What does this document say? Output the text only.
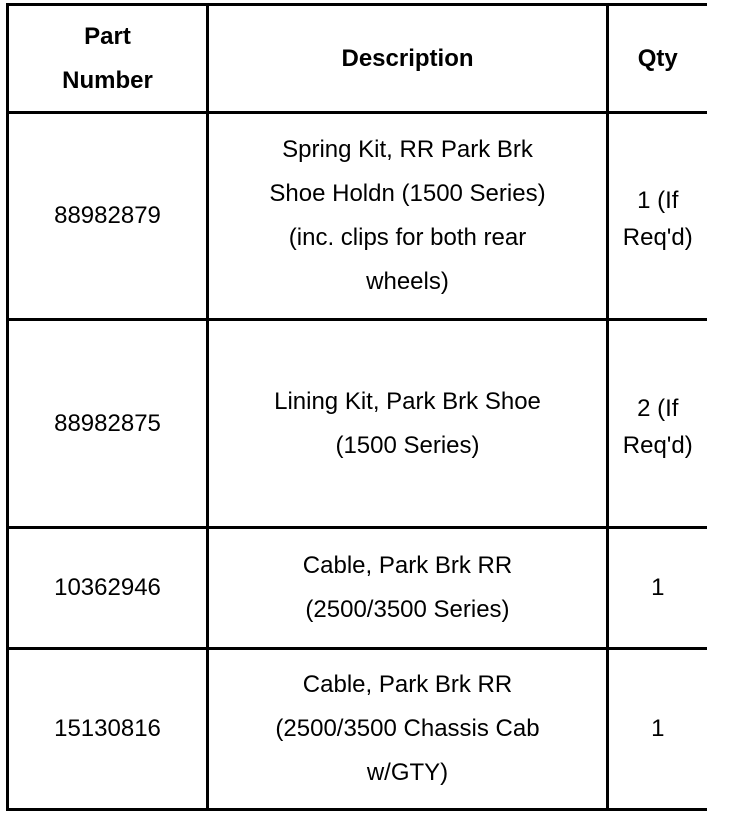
Part
Number	Description	Qty
88982879	Spring Kit, RR Park Brk
Shoe Holdn (1500 Series)
(inc. clips for both rear
wheels)	1 (If
Req'd)

88982875	Lining Kit, Park Brk Shoe
(1500 Series)	2 (If
Req'd)

10362946	Cable, Park Brk RR
(2500/3500 Series)	1
15130816	Cable, Park Brk RR
(2500/3500 Chassis Cab
w/GTY)	1
